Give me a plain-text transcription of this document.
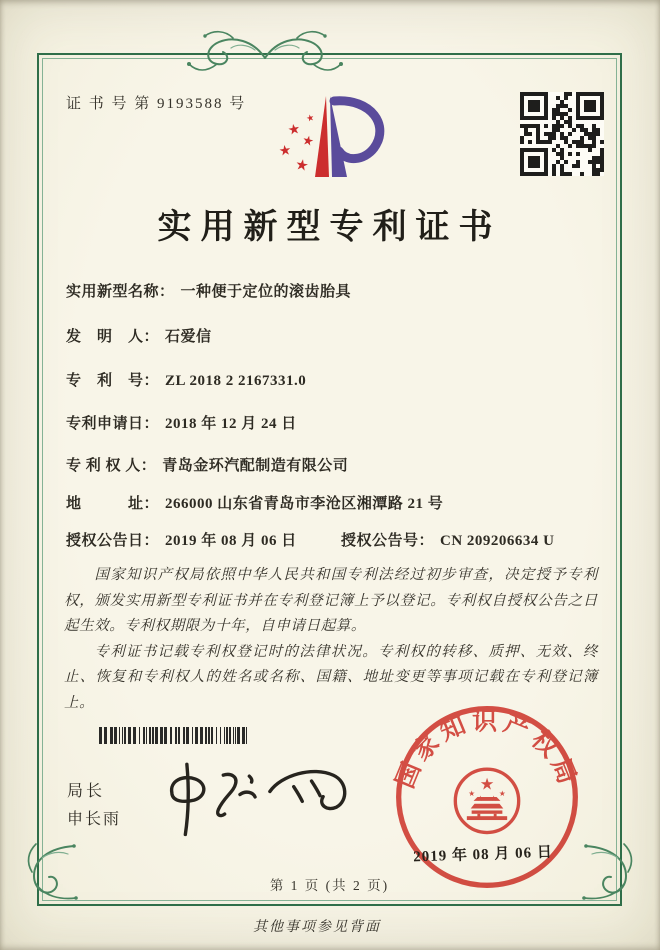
证 书 号 第 9193588 号
★
★
★
★
★
实用新型专利证书
实用新型名称： 一种便于定位的滚齿胎具
发　明　人： 石爱信
专　利　号： ZL 2018 2 2167331.0
专利申请日： 2018 年 12 月 24 日
专 利 权 人： 青岛金环汽配制造有限公司
地　　　址： 266000 山东省青岛市李沧区湘潭路 21 号
授权公告日： 2019 年 08 月 06 日	授权公告号： CN 209206634 U

国家知识产权局依照中华人民共和国专利法经过初步审查，决定授予专利权，颁发实用新型专利证书并在专利登记簿上予以登记。专利权自授权公告之日起生效。专利权期限为十年，自申请日起算。

专利证书记载专利权登记时的法律状况。专利权的转移、质押、无效、终止、恢复和专利权人的姓名或名称、国籍、地址变更等事项记载在专利登记簿上。

局长
申长雨
国家知识产权局
★
★	★
2019 年 08 月 06 日
第 1 页 (共 2 页)
其他事项参见背面
